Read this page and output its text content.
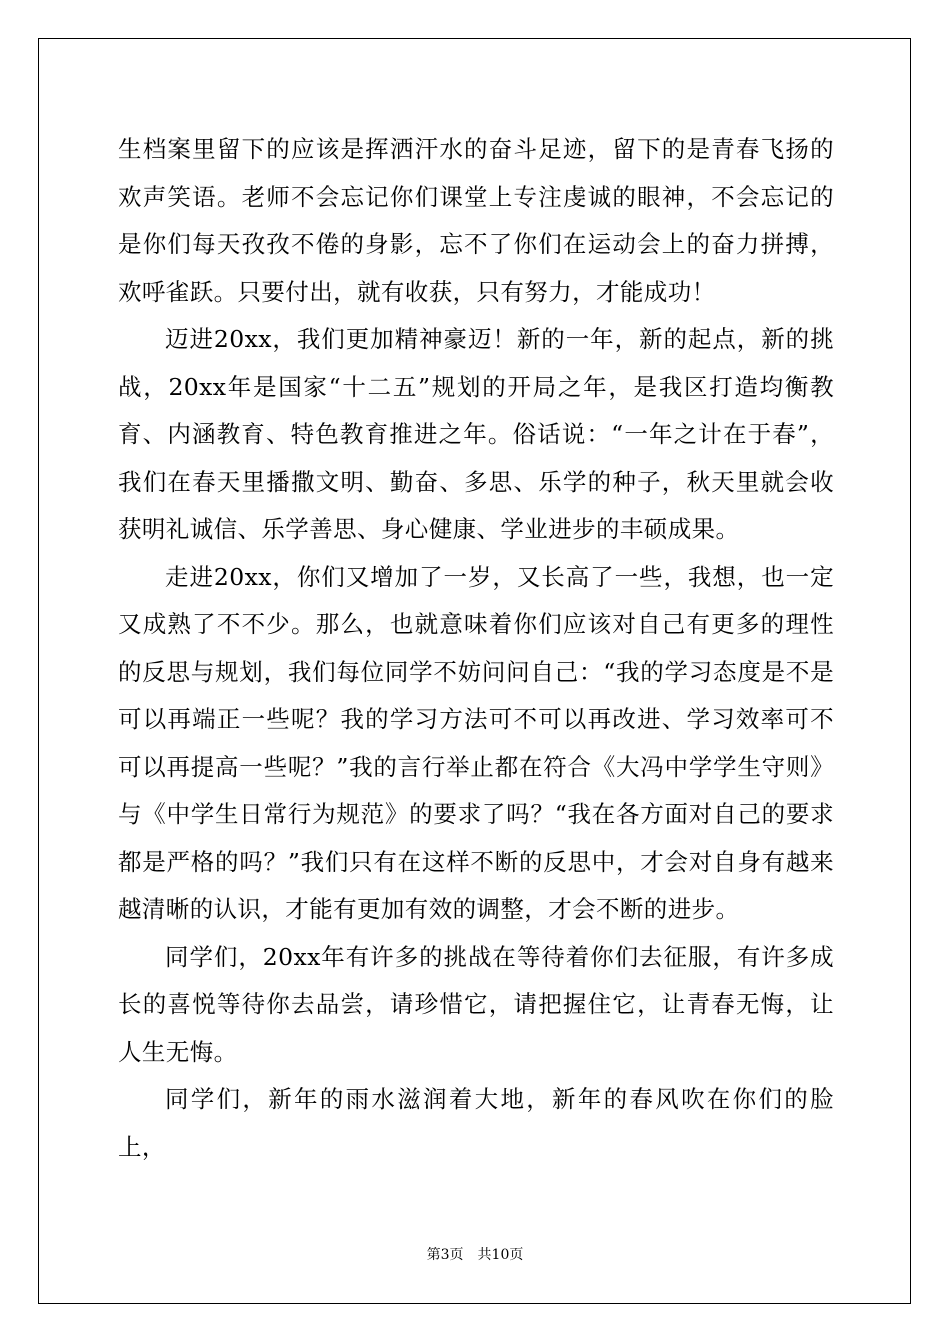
生档案里留下的应该是挥洒汗水的奋斗足迹，留下的是青春飞扬的欢声笑语。老师不会忘记你们课堂上专注虔诚的眼神，不会忘记的是你们每天孜孜不倦的身影，忘不了你们在运动会上的奋力拼搏，欢呼雀跃。只要付出，就有收获，只有努力，才能成功！

迈进20xx，我们更加精神豪迈！新的一年，新的起点，新的挑战，20xx年是国家“十二五”规划的开局之年，是我区打造均衡教育、内涵教育、特色教育推进之年。俗话说：“一年之计在于春”，我们在春天里播撒文明、勤奋、多思、乐学的种子，秋天里就会收获明礼诚信、乐学善思、身心健康、学业进步的丰硕成果。

走进20xx，你们又增加了一岁，又长高了一些，我想，也一定又成熟了不不少。那么，也就意味着你们应该对自己有更多的理性的反思与规划，我们每位同学不妨问问自己：“我的学习态度是不是可以再端正一些呢？我的学习方法可不可以再改进、学习效率可不可以再提高一些呢？”我的言行举止都在符合《大冯中学学生守则》与《中学生日常行为规范》的要求了吗？“我在各方面对自己的要求都是严格的吗？”我们只有在这样不断的反思中，才会对自身有越来越清晰的认识，才能有更加有效的调整，才会不断的进步。

同学们，20xx年有许多的挑战在等待着你们去征服，有许多成长的喜悦等待你去品尝，请珍惜它，请把握住它，让青春无悔，让人生无悔。

同学们，新年的雨水滋润着大地，新年的春风吹在你们的脸上，

第3页 共10页
